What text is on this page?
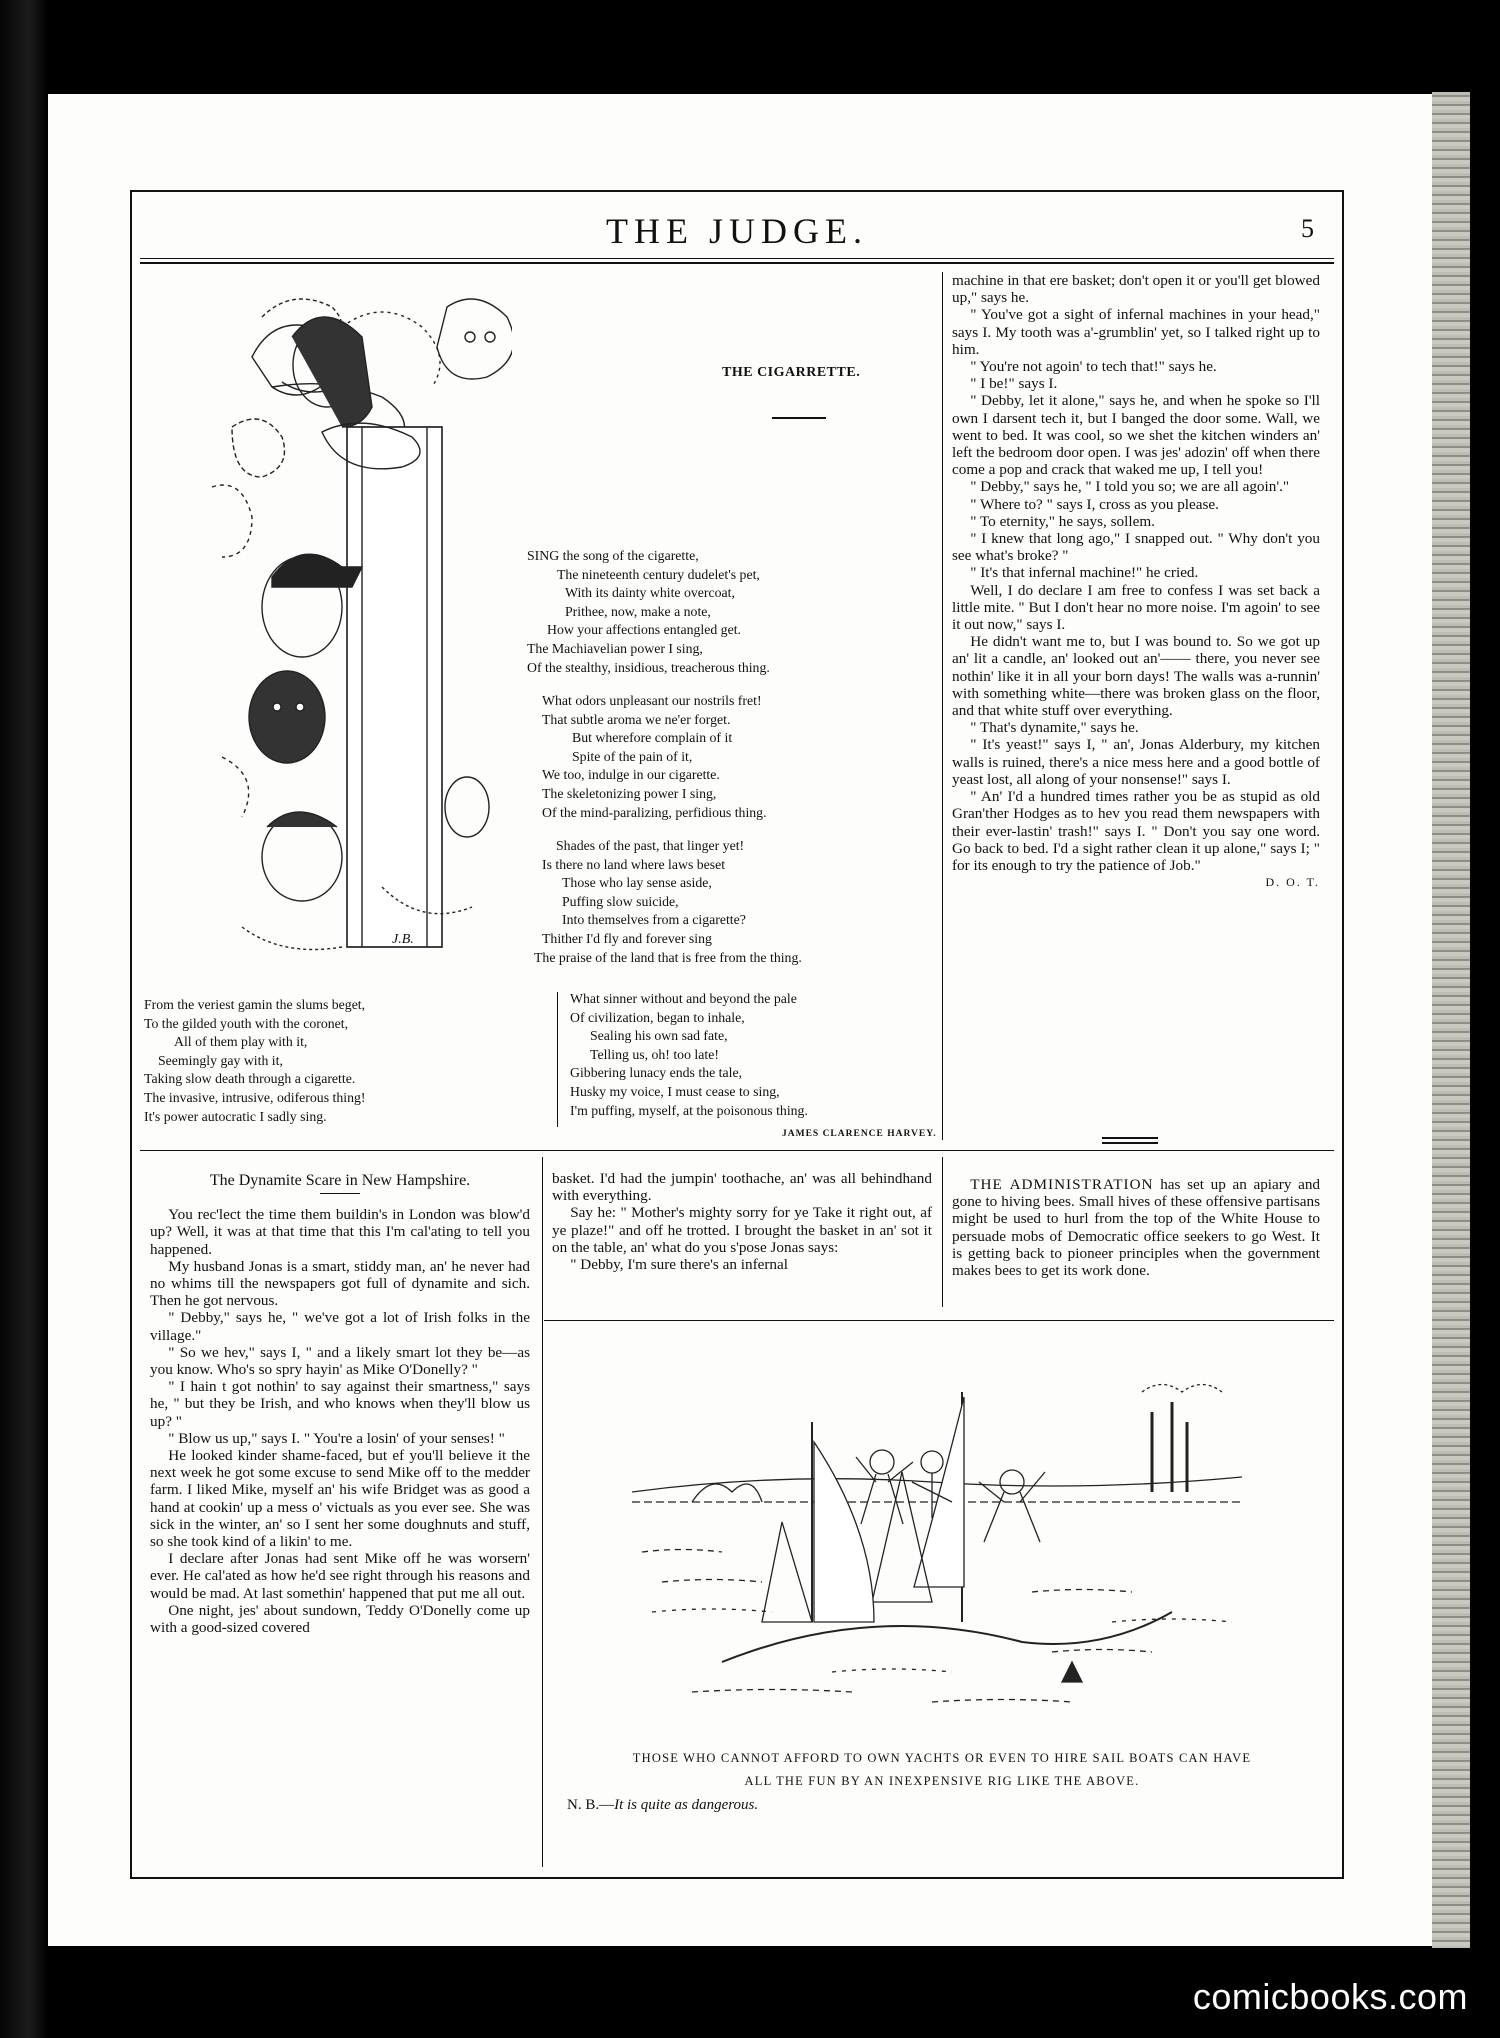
THE JUDGE.	5
J.B.
THE CIGARRETTE.
SING the song of the cigarette,
The nineteenth century dudelet's pet,
With its dainty white overcoat,
Prithee, now, make a note,
How your affections entangled get.
The Machiavelian power I sing,
Of the stealthy, insidious, treacherous thing.
What odors unpleasant our nostrils fret!
That subtle aroma we ne'er forget.
But wherefore complain of it
Spite of the pain of it,
We too, indulge in our cigarette.
The skeletonizing power I sing,
Of the mind-paralizing, perfidious thing.
Shades of the past, that linger yet!
Is there no land where laws beset
Those who lay sense aside,
Puffing slow suicide,
Into themselves from a cigarette?
Thither I'd fly and forever sing
The praise of the land that is free from the thing.
From the veriest gamin the slums beget,
To the gilded youth with the coronet,
All of them play with it,
Seemingly gay with it,
Taking slow death through a cigarette.
The invasive, intrusive, odiferous thing!
It's power autocratic I sadly sing.
What sinner without and beyond the pale
Of civilization, began to inhale,
Sealing his own sad fate,
Telling us, oh! too late!
Gibbering lunacy ends the tale,
Husky my voice, I must cease to sing,
I'm puffing, myself, at the poisonous thing.
JAMES CLARENCE HARVEY.

machine in that ere basket; don't open it or you'll get blowed up," says he.

" You've got a sight of infernal machines in your head," says I. My tooth was a'-grumblin' yet, so I talked right up to him.

" You're not agoin' to tech that!" says he.

" I be!" says I.

" Debby, let it alone," says he, and when he spoke so I'll own I darsent tech it, but I banged the door some. Wall, we went to bed. It was cool, so we shet the kitchen winders an' left the bedroom door open. I was jes' adozin' off when there come a pop and crack that waked me up, I tell you!

" Debby," says he, " I told you so; we are all agoin'."

" Where to? " says I, cross as you please.

" To eternity," he says, sollem.

" I knew that long ago," I snapped out. " Why don't you see what's broke? "

" It's that infernal machine!" he cried.

Well, I do declare I am free to confess I was set back a little mite. " But I don't hear no more noise. I'm agoin' to see it out now," says I.

He didn't want me to, but I was bound to. So we got up an' lit a candle, an' looked out an'—— there, you never see nothin' like it in all your born days! The walls was a-runnin' with something white—there was broken glass on the floor, and that white stuff over everything.

" That's dynamite," says he.

" It's yeast!" says I, " an', Jonas Alderbury, my kitchen walls is ruined, there's a nice mess here and a good bottle of yeast lost, all along of your nonsense!" says I.

" An' I'd a hundred times rather you be as stupid as old Gran'ther Hodges as to hev you read them newspapers with their ever-lastin' trash!" says I. " Don't you say one word. Go back to bed. I'd a sight rather clean it up alone," says I; " for its enough to try the patience of Job."

D. O. T.
The Dynamite Scare in New Hampshire.

You rec'lect the time them buildin's in London was blow'd up? Well, it was at that time that this I'm cal'ating to tell you happened.

My husband Jonas is a smart, stiddy man, an' he never had no whims till the newspapers got full of dynamite and sich. Then he got nervous.

" Debby," says he, " we've got a lot of Irish folks in the village."

" So we hev," says I, " and a likely smart lot they be—as you know. Who's so spry hayin' as Mike O'Donelly? "

" I hain t got nothin' to say against their smartness," says he, " but they be Irish, and who knows when they'll blow us up? "

" Blow us up," says I. " You're a losin' of your senses! "

He looked kinder shame-faced, but ef you'll believe it the next week he got some excuse to send Mike off to the medder farm. I liked Mike, myself an' his wife Bridget was as good a hand at cookin' up a mess o' victuals as you ever see. She was sick in the winter, an' so I sent her some doughnuts and stuff, so she took kind of a likin' to me.

I declare after Jonas had sent Mike off he was worsern' ever. He cal'ated as how he'd see right through his reasons and would be mad. At last somethin' happened that put me all out.

One night, jes' about sundown, Teddy O'Donelly come up with a good-sized covered

basket. I'd had the jumpin' toothache, an' was all behindhand with everything.

Say he: " Mother's mighty sorry for ye Take it right out, af ye plaze!" and off he trotted. I brought the basket in an' sot it on the table, an' what do you s'pose Jonas says:

" Debby, I'm sure there's an infernal

THE ADMINISTRATION has set up an apiary and gone to hiving bees. Small hives of these offensive partisans might be used to hurl from the top of the White House to persuade mobs of Democratic office seekers to go West. It is getting back to pioneer principles when the government makes bees to get its work done.

THOSE WHO CANNOT AFFORD TO OWN YACHTS OR EVEN TO HIRE SAIL BOATS CAN HAVE
ALL THE FUN BY AN INEXPENSIVE RIG LIKE THE ABOVE.
N. B.—It is quite as dangerous.
comicbooks.com
